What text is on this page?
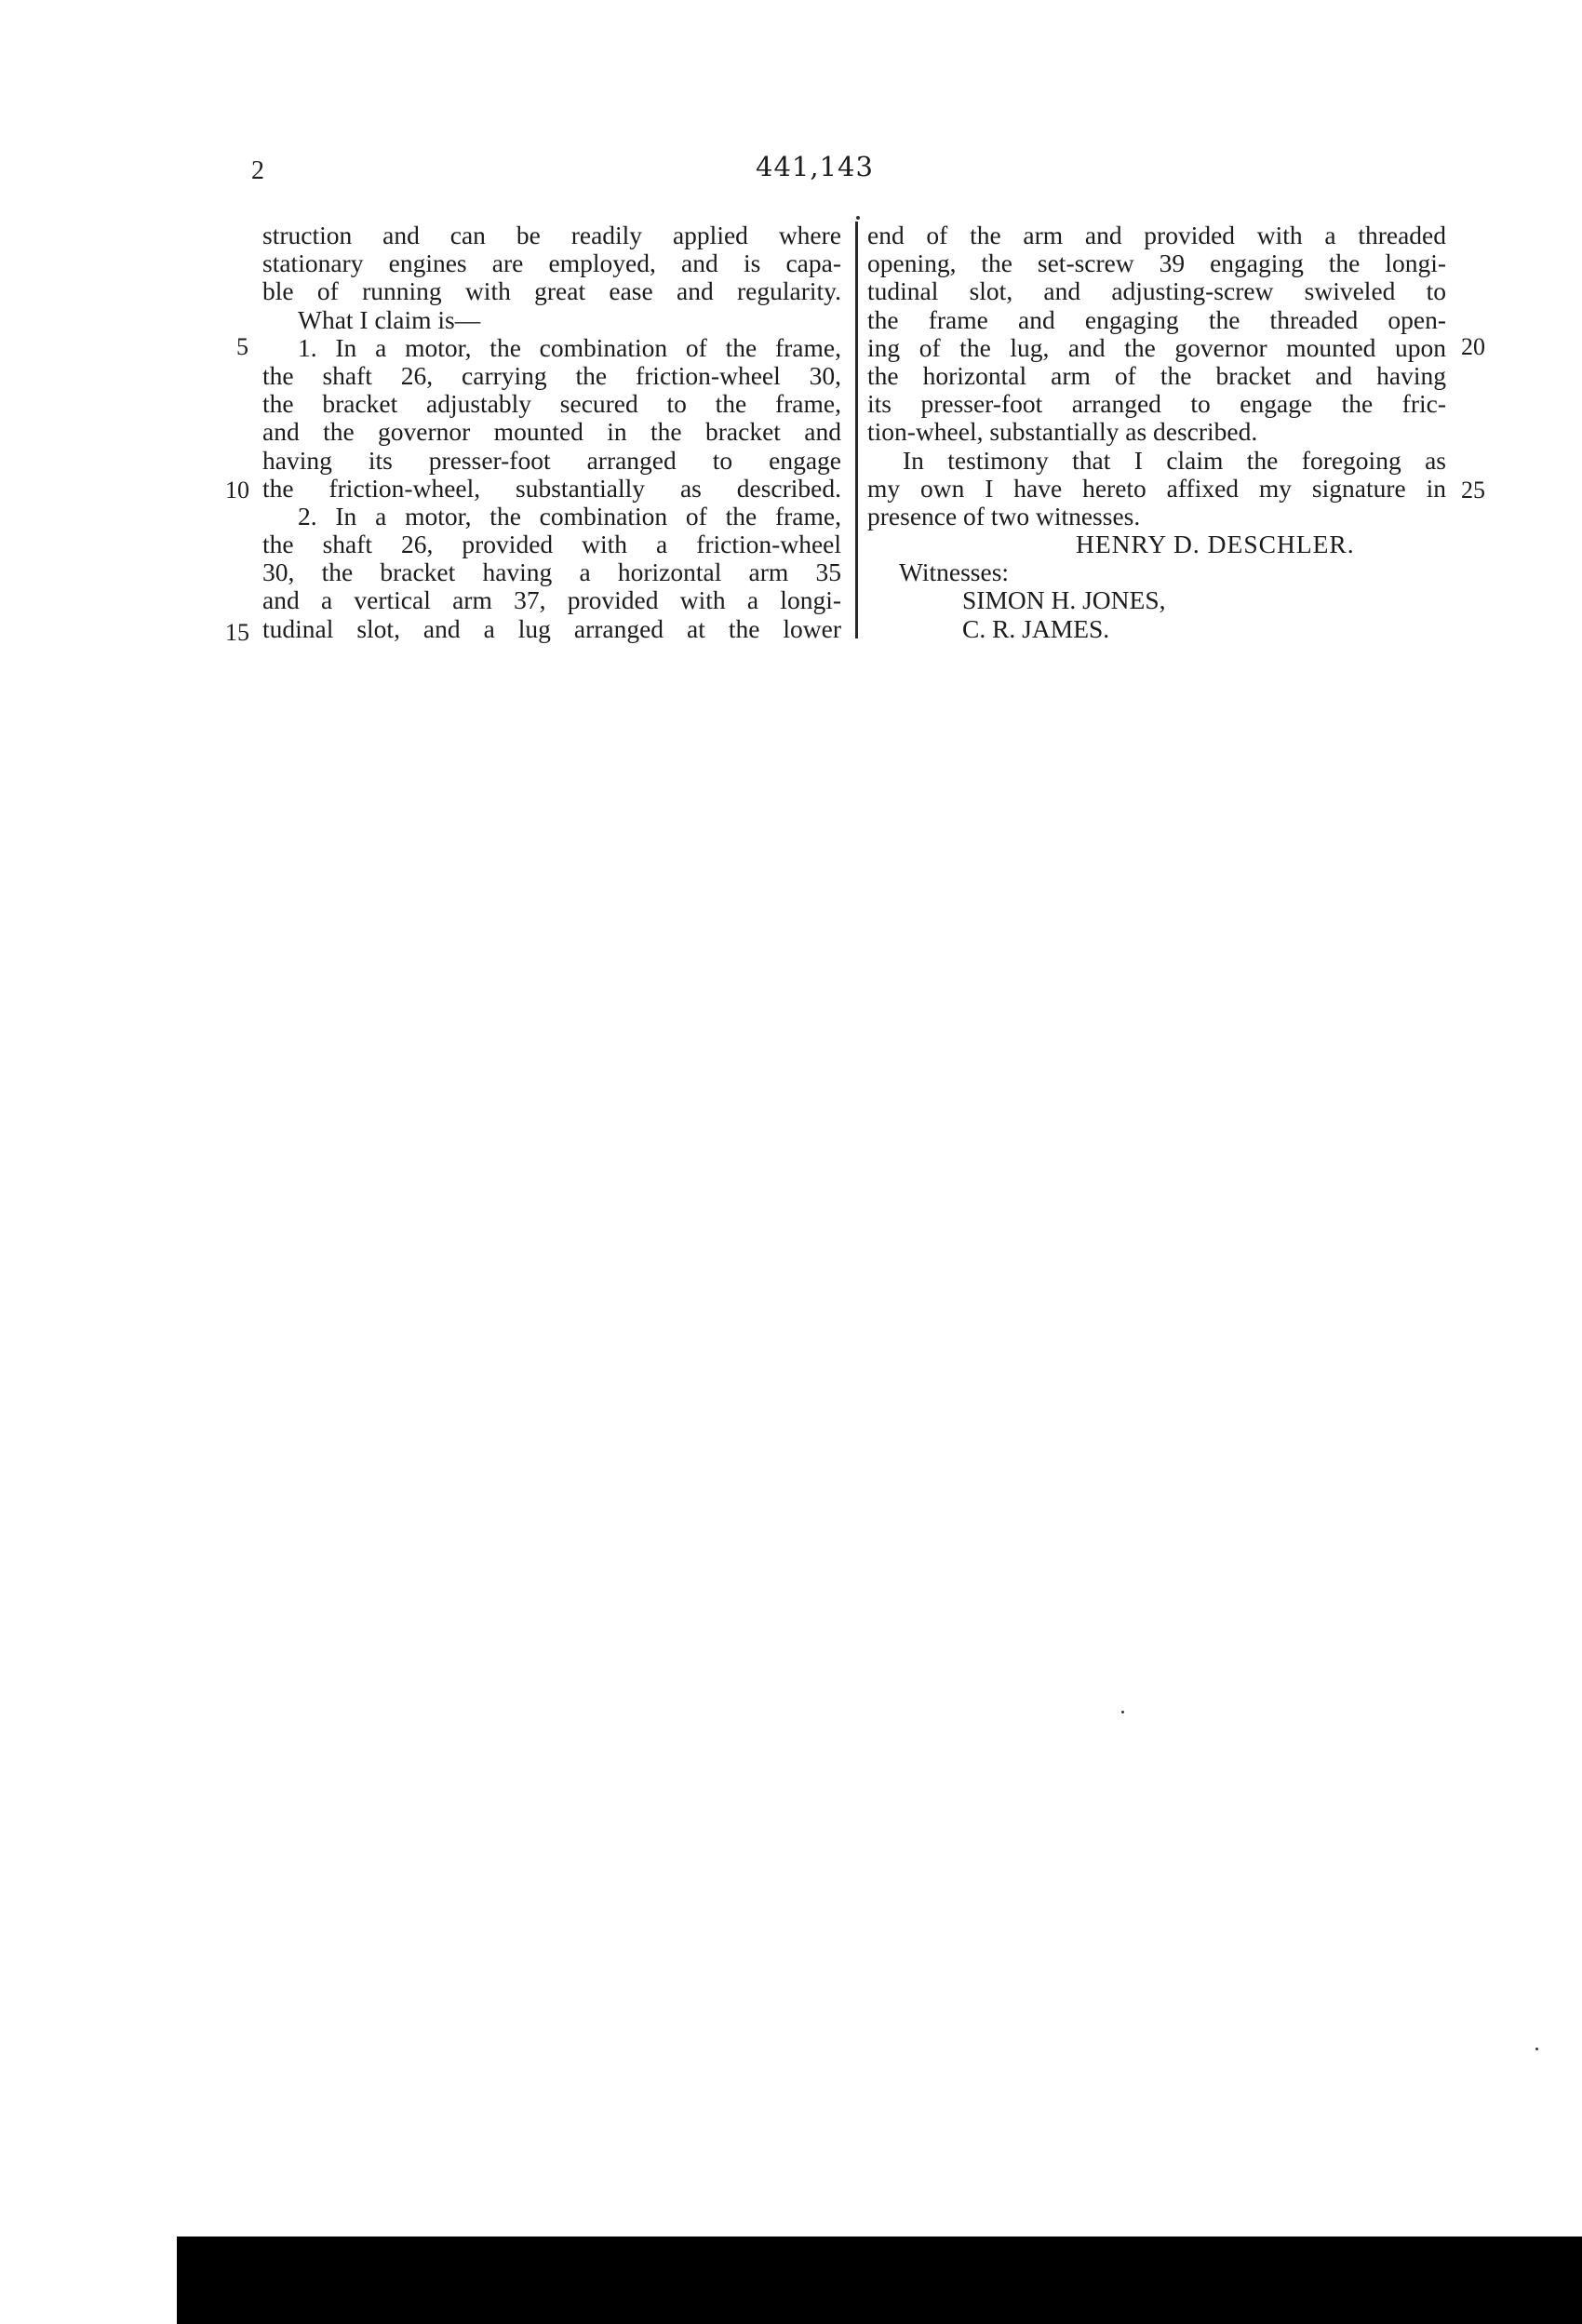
2	441,143
struction and can be readily applied where
stationary engines are employed, and is capa-
ble of running with great ease and regularity.
What I claim is—
1. In a motor, the combination of the frame,
the shaft 26, carrying the friction-wheel 30,
the bracket adjustably secured to the frame,
and the governor mounted in the bracket and
having its presser-foot arranged to engage
the friction-wheel, substantially as described.
2. In a motor, the combination of the frame,
the shaft 26, provided with a friction-wheel
30, the bracket having a horizontal arm 35
and a vertical arm 37, provided with a longi-
tudinal slot, and a lug arranged at the lower
end of the arm and provided with a threaded
opening, the set-screw 39 engaging the longi-
tudinal slot, and adjusting-screw swiveled to
the frame and engaging the threaded open-
ing of the lug, and the governor mounted upon
the horizontal arm of the bracket and having
its presser-foot arranged to engage the fric-
tion-wheel, substantially as described.
In testimony that I claim the foregoing as
my own I have hereto affixed my signature in
presence of two witnesses.
HENRY D. DESCHLER.
Witnesses:
SIMON H. JONES,
C. R. JAMES.
5
10
15
20
25
